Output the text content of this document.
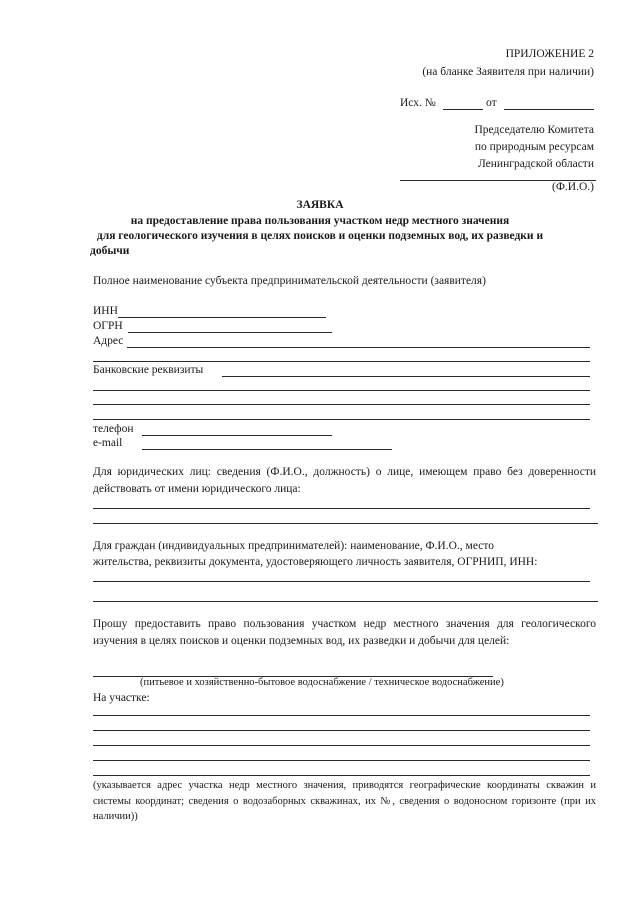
ПРИЛОЖЕНИЕ 2
(на бланке Заявителя при наличии)
Исх. №	от
Председателю Комитета
по природным ресурсам
Ленинградской области
(Ф.И.О.)
ЗАЯВКА
на предоставление права пользования участком недр местного значения
для геологического изучения в целях поисков и оценки подземных вод, их разведки и
добычи
Полное наименование субъекта предпринимательской деятельности (заявителя)
ИНН
ОГРН
Адрес
Банковские реквизиты
телефон
e-mail
Для юридических лиц: сведения (Ф.И.О., должность) о лице, имеющем право без доверенности действовать от имени юридического лица:
Для граждан (индивидуальных предпринимателей): наименование, Ф.И.О., место
жительства, реквизиты документа, удостоверяющего личность заявителя, ОГРНИП, ИНН:
Прошу предоставить право пользования участком недр местного значения для геологического изучения в целях поисков и оценки подземных вод, их разведки и добычи для целей:
(питьевое и хозяйственно-бытовое водоснабжение / техническое водоснабжение)
На участке:
(указывается адрес участка недр местного значения, приводятся географические координаты скважин и системы координат; сведения о водозаборных скважинах, их №, сведения о водоносном горизонте (при их наличии))
